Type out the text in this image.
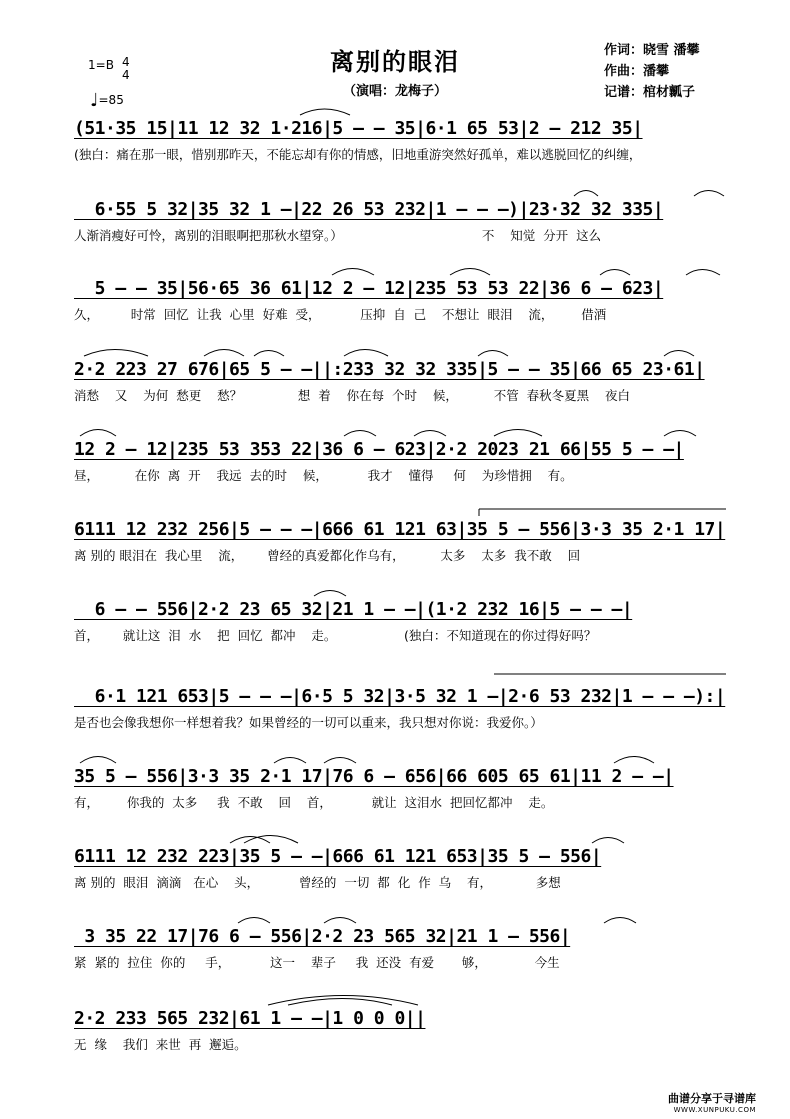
离别的眼泪
（演唱：龙梅子）
作词：晓雪 潘攀
作曲：潘攀
记谱：棺材瓤子
1=B 4
4
♩=85
(51·35 15|11 12 32 1·216|5 — — 35|6·1 65 53|2 — 212 35|
(独白：痛在那一眼，惜别那昨天，不能忘却有你的情感，旧地重游突然好孤单，难以逃脱回忆的纠缠，
6·55 5 32|35 32 1 —|22 26 53 232|1 — — —)|23·32 32 335|
人渐消瘦好可怜，离别的泪眼啊把那秋水望穿。）                                   不    知觉  分开  这么
5 — — 35|56·65 36 61|12 2 — 12|235 53 53 22|36 6 — 623|
久，        时常  回忆  让我  心里  好难  受，          压抑  自  己    不想让  眼泪    流，       借酒
2·2 223 27 676|65 5 — —||:233 32 32 335|5 — — 35|66 65 23·61|
消愁    又    为何  愁更    愁？              想  着    你在每  个时    候，         不管  春秋冬夏黑    夜白
12 2 — 12|235 53 353 22|36 6 — 623|2·2 2023 21 66|55 5 — —|
昼，         在你  离  开    我远  去的时    候，          我才    懂得     何    为珍惜拥    有。
6111 12 232 256|5 — — —|666 61 121 63|35 5 — 556|3·3 35 2·1 17|
离 别的 眼泪在  我心里    流，      曾经的真爱都化作乌有，         太多    太多  我不敢    回
6 — — 556|2·2 23 65 32|21 1 — —|(1·2 232 16|5 — — —|
首，      就让这  泪  水    把  回忆  都冲    走。                 (独白：不知道现在的你过得好吗？
6·1 121 653|5 — — —|6·5 5 32|3·5 32 1 —|2·6 53 232|1 — — —):|
是否也会像我想你一样想着我？如果曾经的一切可以重来，我只想对你说：我爱你。）
35 5 — 556|3·3 35 2·1 17|76 6 — 656|66 605 65 61|11 2 — —|
有，       你我的  太多     我  不敢    回    首，          就让  这泪水  把回忆都冲    走。
6111 12 232 223|35 5 — —|666 61 121 653|35 5 — 556|
离 别的  眼泪  滴滴   在心    头，          曾经的  一切  都  化  作  乌    有，           多想
3 35 22 17|76 6 — 556|2·2 23 565 32|21 1 — 556|
紧  紧的  拉住  你的     手，          这一    辈子     我  还没  有爱       够，            今生
2·2 233 565 232|61 1 — —|1 0 0 0||
无  缘    我们  来世  再  邂逅。
曲谱分享于寻谱库
WWW.XUNPUKU.COM
